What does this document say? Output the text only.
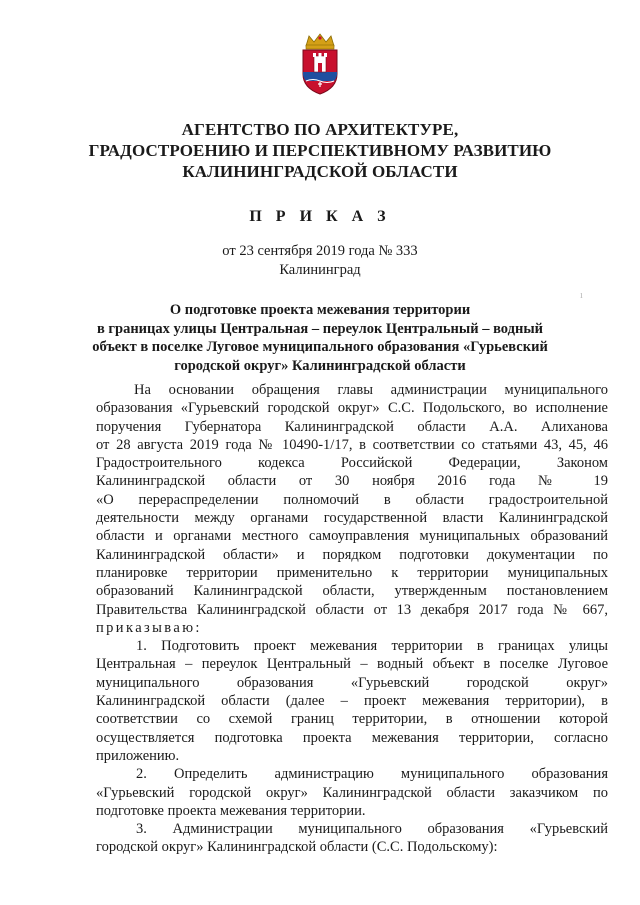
АГЕНТСТВО ПО АРХИТЕКТУРЕ,
ГРАДОСТРОЕНИЮ И ПЕРСПЕКТИВНОМУ РАЗВИТИЮ
КАЛИНИНГРАДСКОЙ ОБЛАСТИ
П Р И К А З
от 23 сентября 2019 года № 333
Калининград
ı
О подготовке проекта межевания территории
в границах улицы Центральная – переулок Центральный – водный
объект в поселке Луговое муниципального образования «Гурьевский
городской округ» Калининградской области
На основании обращения главы администрации муниципального
образования «Гурьевский городской округ» С.С. Подольского, во исполнение
поручения Губернатора Калининградской области А.А. Алиханова
от 28 августа 2019 года № 10490-1/17, в соответствии со статьями 43, 45, 46
Градостроительного кодекса Российской Федерации, Законом
Калининградской области от 30 ноября 2016 года № 19
«О перераспределении полномочий в области градостроительной
деятельности между органами государственной власти Калининградской
области и органами местного самоуправления муниципальных образований
Калининградской области» и порядком подготовки документации по
планировке территории применительно к территории муниципальных
образований Калининградской области, утвержденным постановлением
Правительства Калининградской области от 13 декабря 2017 года № 667,
приказываю:
1. Подготовить проект межевания территории в границах улицы
Центральная – переулок Центральный – водный объект в поселке Луговое
муниципального образования «Гурьевский городской округ»
Калининградской области (далее – проект межевания территории), в
соответствии со схемой границ территории, в отношении которой
осуществляется подготовка проекта межевания территории, согласно
приложению.
2. Определить администрацию муниципального образования
«Гурьевский городской округ» Калининградской области заказчиком по
подготовке проекта межевания территории.
3. Администрации муниципального образования «Гурьевский
городской округ» Калининградской области (С.С. Подольскому):
